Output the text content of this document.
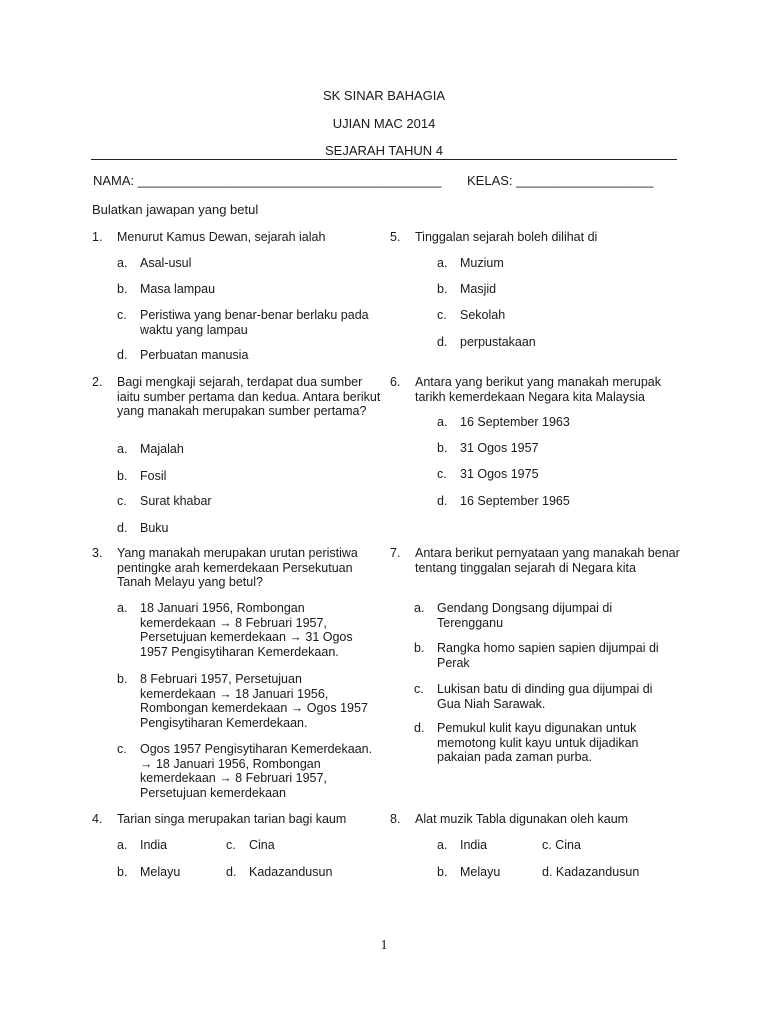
SK SINAR BAHAGIA
UJIAN MAC 2014
SEJARAH TAHUN 4
NAMA: __________________________________________ KELAS: ___________________
Bulatkan jawapan yang betul
1.	Menurut Kamus Dewan, sejarah ialah
a.	Asal-usul
b.	Masa lampau
c.	Peristiwa yang benar-benar berlaku pada waktu yang lampau
d.	Perbuatan manusia
2.	Bagi mengkaji sejarah, terdapat dua sumber iaitu sumber pertama dan kedua. Antara berikut yang manakah merupakan sumber pertama?
a.	Majalah
b.	Fosil
c.	Surat khabar
d.	Buku
3.	Yang manakah merupakan urutan peristiwa pentingke arah kemerdekaan Persekutuan Tanah Melayu yang betul?
a.	18 Januari 1956, Rombongan kemerdekaan → 8 Februari 1957, Persetujuan kemerdekaan → 31 Ogos 1957 Pengisytiharan Kemerdekaan.
b.	8 Februari 1957, Persetujuan kemerdekaan → 18 Januari 1956, Rombongan kemerdekaan → Ogos 1957 Pengisytiharan Kemerdekaan.
c.	Ogos 1957 Pengisytiharan Kemerdekaan. → 18 Januari 1956, Rombongan kemerdekaan → 8 Februari 1957, Persetujuan kemerdekaan
4.	Tarian singa merupakan tarian bagi kaum
a.	India	c.	Cina
b.	Melayu	d.	Kadazandusun
5.	Tinggalan sejarah boleh dilihat di
a.	Muzium
b.	Masjid
c.	Sekolah
d.	perpustakaan
6.	Antara yang berikut yang manakah merupak tarikh kemerdekaan Negara kita Malaysia
a.	16 September 1963
b.	31 Ogos 1957
c.	31 Ogos 1975
d.	16 September 1965
7.	Antara berikut pernyataan yang manakah benar tentang tinggalan sejarah di Negara kita
a.	Gendang Dongsang dijumpai di Terengganu
b.	Rangka homo sapien sapien dijumpai di Perak
c.	Lukisan batu di dinding gua dijumpai di Gua Niah Sarawak.
d.	Pemukul kulit kayu digunakan untuk memotong kulit kayu untuk dijadikan pakaian pada zaman purba.
8.	Alat muzik Tabla digunakan oleh kaum
a.	India	c. Cina
b.	Melayu	d. Kadazandusun
1
